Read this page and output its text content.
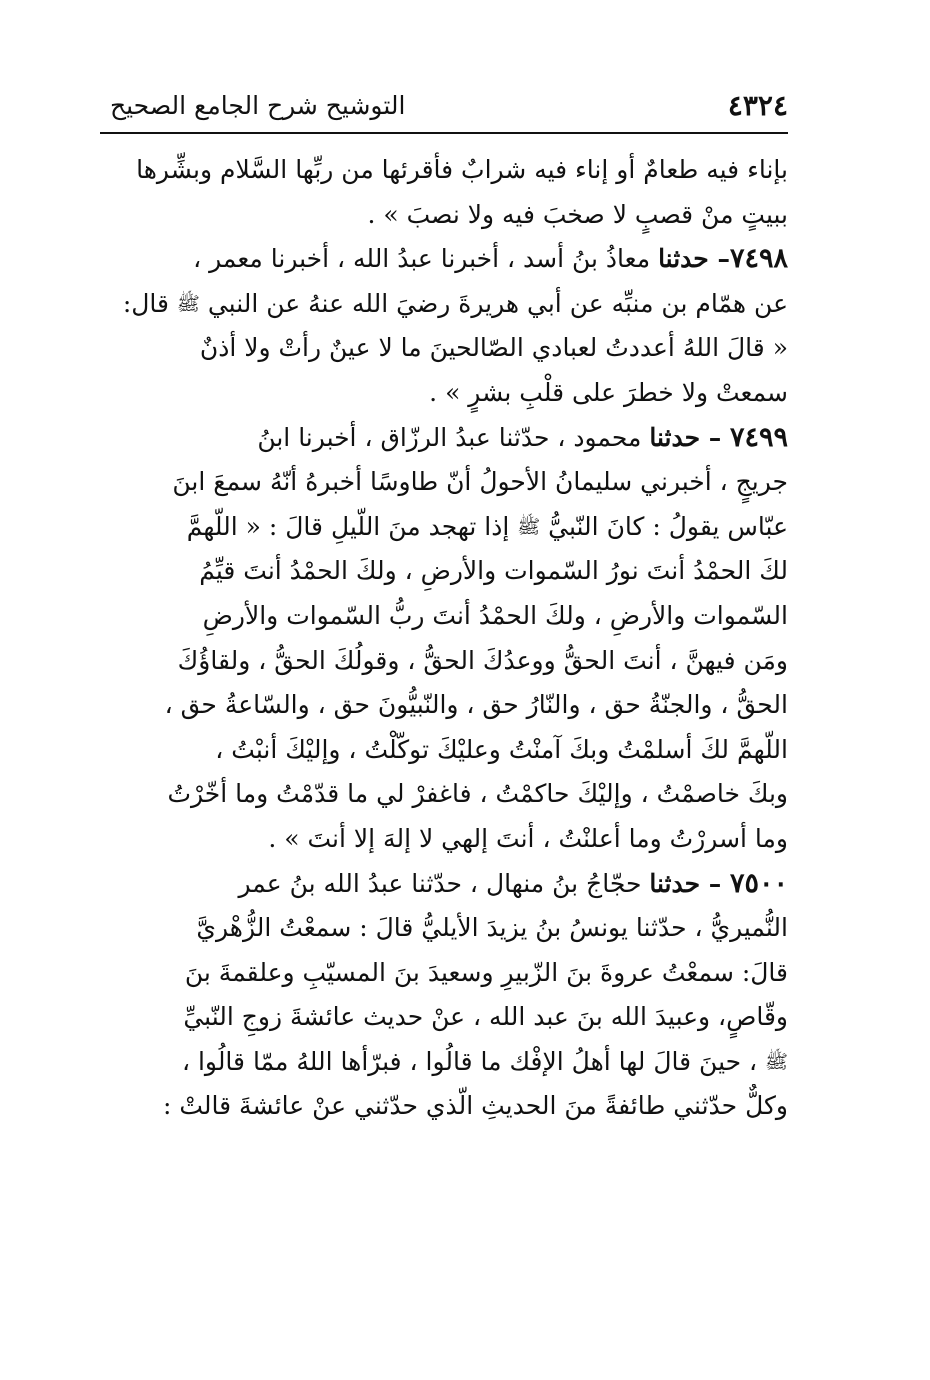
٤٣٢٤
التوشيح شرح الجامع الصحيح
بإناء فيه طعامٌ أو إناء فيه شرابٌ فأقرئها من ربِّها السَّلام وبشِّرها
ببيتٍ منْ قصبٍ لا صخبَ فيه ولا نصبَ » .
٧٤٩٨– حدثنا معاذُ بنُ أسد ، أخبرنا عبدُ الله ، أخبرنا معمر ،
عن همّام بن منبِّه عن أبي هريرةَ رضيَ الله عنهُ عن النبي ﷺ قال:
« قالَ اللهُ أعددتُ لعبادي الصّالحينَ ما لا عينٌ رأتْ ولا أذنٌ
سمعتْ ولا خطرَ على قلْبِ بشرٍ » .
٧٤٩٩ – حدثنا محمود ، حدّثنا عبدُ الرزّاق ، أخبرنا ابنُ
جريجٍ ، أخبرني سليمانُ الأحولُ أنّ طاوسًا أخبرهُ أنّهُ سمعَ ابنَ
عبّاس يقولُ : كانَ النّبيُّ ﷺ إذا تهجد منَ اللّيلِ قالَ : « اللّهمَّ
لكَ الحمْدُ أنتَ نورُ السّموات والأرضِ ، ولكَ الحمْدُ أنتَ قيِّمُ
السّموات والأرضِ ، ولكَ الحمْدُ أنتَ ربُّ السّموات والأرضِ
ومَن فيهنَّ ، أنتَ الحقُّ ووعدُكَ الحقُّ ، وقولُكَ الحقُّ ، ولقاؤُكَ
الحقُّ ، والجنّةُ حق ، والنّارُ حق ، والنّبيُّونَ حق ، والسّاعةُ حق ،
اللّهمَّ لكَ أسلمْتُ وبكَ آمنْتُ وعليْكَ توكّلْتُ ، وإليْكَ أنبْتُ ،
وبكَ خاصمْتُ ، وإليْكَ حاكمْتُ ، فاغفرْ لي ما قدّمْتُ وما أخّرْتُ
وما أسررْتُ وما أعلنْتُ ، أنتَ إلهي لا إلهَ إلا أنتَ » .
٧٥٠٠ – حدثنا حجّاجُ بنُ منهال ، حدّثنا عبدُ الله بنُ عمر
النُّميريُّ ، حدّثنا يونسُ بنُ يزيدَ الأيليُّ قالَ : سمعْتُ الزُّهْريَّ
قالَ: سمعْتُ عروةَ بنَ الزّبيرِ وسعيدَ بنَ المسيّبِ وعلقمةَ بنَ
وقّاصٍ، وعبيدَ الله بنَ عبد الله ، عنْ حديث عائشةَ زوجِ النّبيِّ
ﷺ ، حينَ قالَ لها أهلُ الإفْك ما قالُوا ، فبرّأها اللهُ ممّا قالُوا ،
وكلٌّ حدّثني طائفةً منَ الحديثِ الّذي حدّثني عنْ عائشةَ قالتْ :
